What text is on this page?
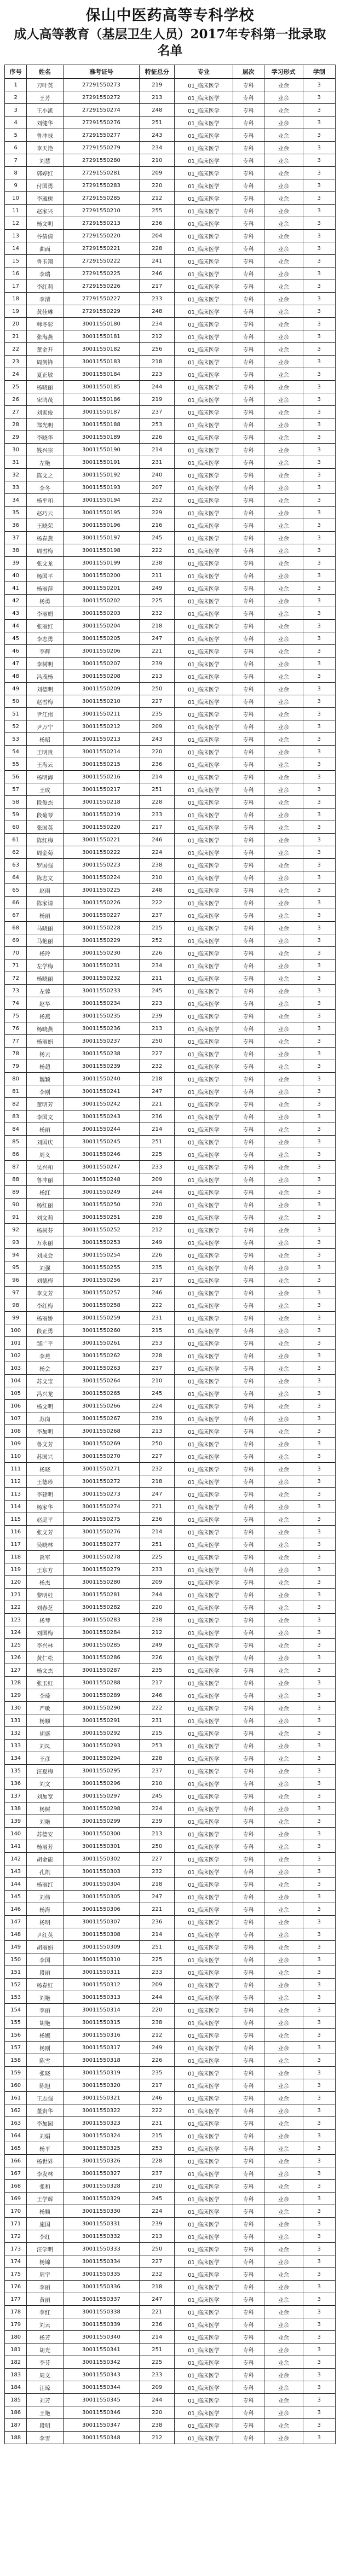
保山中医药高等专科学校
成人高等教育（基层卫生人员）2017年专科第一批录取名单
序号	姓名	准考证号	特征总分	专业	层次	学习形式	学制
1	刀叶英	27291550273	219	01_临床医学	专科	业余	3
2	王芳	27291550272	213	01_临床医学	专科	业余	3
3	王小凯	27291550274	248	01_临床医学	专科	业余	3
4	刘健华	27291550276	251	01_临床医学	专科	业余	3
5	鲁冲禄	27291550277	243	01_临床医学	专科	业余	3
6	李天艳	27291550279	234	01_临床医学	专科	业余	3
7	刘慧	27291550280	210	01_临床医学	专科	业余	3
8	郭婷红	27291550281	209	01_临床医学	专科	业余	3
9	付国勇	27291550283	220	01_临床医学	专科	业余	3
10	李雁树	27291550285	212	01_临床医学	专科	业余	3
11	赵家兴	27291550210	255	01_临床医学	专科	业余	3
12	杨文明	27291550213	236	01_临床医学	专科	业余	3
13	谷倩倩	27291550220	204	01_临床医学	专科	业余	3
14	曲面	27291550221	228	01_临床医学	专科	业余	3
15	鲁玉翔	27291550222	241	01_临床医学	专科	业余	3
16	李瑞	27291550225	246	01_临床医学	专科	业余	3
17	李红莉	27291550226	217	01_临床医学	专科	业余	3
18	李清	27291550227	233	01_临床医学	专科	业余	3
19	黄佳琳	27291550229	248	01_临床医学	专科	业余	3
20	韩冬彩	30011550180	234	01_临床医学	专科	业余	3
21	张海燕	30011550181	212	01_临床医学	专科	业余	3
22	董金开	30011550182	256	01_临床医学	专科	业余	3
23	周剑锋	30011550183	218	01_临床医学	专科	业余	3
24	夏正敏	30011550184	223	01_临床医学	专科	业余	3
25	杨晓丽	30011550185	244	01_临床医学	专科	业余	3
26	宋鸿茂	30011550186	219	01_临床医学	专科	业余	3
27	刘家俊	30011550187	237	01_临床医学	专科	业余	3
28	郑光明	30011550188	253	01_临床医学	专科	业余	3
29	李晓华	30011550189	226	01_临床医学	专科	业余	3
30	钱兴宗	30011550190	214	01_临床医学	专科	业余	3
31	左艳	30011550191	231	01_临床医学	专科	业余	3
32	陈文之	30011550192	240	01_临床医学	专科	业余	3
33	李冬	30011550193	207	01_临床医学	专科	业余	3
34	杨平和	30011550194	252	01_临床医学	专科	业余	3
35	赵巧云	30011550195	229	01_临床医学	专科	业余	3
36	王晓荣	30011550196	216	01_临床医学	专科	业余	3
37	杨春燕	30011550197	245	01_临床医学	专科	业余	3
38	周雪梅	30011550198	222	01_临床医学	专科	业余	3
39	张文龙	30011550199	238	01_临床医学	专科	业余	3
40	杨国平	30011550200	211	01_临床医学	专科	业余	3
41	杨丽萍	30011550201	249	01_临床医学	专科	业余	3
42	杨勇	30011550202	225	01_临床医学	专科	业余	3
43	李丽娟	30011550203	232	01_临床医学	专科	业余	3
44	张丽红	30011550204	218	01_临床医学	专科	业余	3
45	李志勇	30011550205	247	01_临床医学	专科	业余	3
46	李辉	30011550206	221	01_临床医学	专科	业余	3
47	李树明	30011550207	239	01_临床医学	专科	业余	3
48	冯茂杨	30011550208	213	01_临床医学	专科	业余	3
49	刘德明	30011550209	250	01_临床医学	专科	业余	3
50	赵雪梅	30011550210	227	01_临床医学	专科	业余	3
51	尹江伟	30011550211	235	01_临床医学	专科	业余	3
52	尹万宁	30011550212	209	01_临床医学	专科	业余	3
53	杨昭	30011550213	243	01_临床医学	专科	业余	3
54	王明贵	30011550214	220	01_临床医学	专科	业余	3
55	王海云	30011550215	236	01_临床医学	专科	业余	3
56	杨明海	30011550216	214	01_临床医学	专科	业余	3
57	王成	30011550217	251	01_临床医学	专科	业余	3
58	段俊杰	30011550218	228	01_临床医学	专科	业余	3
59	段菊琴	30011550219	233	01_临床医学	专科	业余	3
60	张国英	30011550220	217	01_临床医学	专科	业余	3
61	陈红梅	30011550221	246	01_临床医学	专科	业余	3
62	周金菊	30011550222	224	01_临床医学	专科	业余	3
63	罗国强	30011550223	238	01_临床医学	专科	业余	3
64	陈志文	30011550224	210	01_临床医学	专科	业余	3
65	赵雨	30011550225	248	01_临床医学	专科	业余	3
66	陈家请	30011550226	222	01_临床医学	专科	业余	3
67	杨丽	30011550227	237	01_临床医学	专科	业余	3
68	马晓丽	30011550228	215	01_临床医学	专科	业余	3
69	马艳丽	30011550229	252	01_临床医学	专科	业余	3
70	杨玲	30011550230	226	01_临床医学	专科	业余	3
71	左学梅	30011550231	234	01_临床医学	专科	业余	3
72	杨晓丽	30011550232	211	01_临床医学	专科	业余	3
73	左蓉	30011550233	245	01_临床医学	专科	业余	3
74	赵华	30011550234	223	01_临床医学	专科	业余	3
75	杨燕	30011550235	239	01_临床医学	专科	业余	3
76	杨晓燕	30011550236	213	01_临床医学	专科	业余	3
77	杨丽娟	30011550237	250	01_临床医学	专科	业余	3
78	杨云	30011550238	227	01_临床医学	专科	业余	3
79	杨超	30011550239	232	01_临床医学	专科	业余	3
80	魏颖	30011550240	218	01_临床医学	专科	业余	3
81	李刚	30011550241	247	01_临床医学	专科	业余	3
82	董明芳	30011550242	221	01_临床医学	专科	业余	3
83	李国文	30011550243	236	01_临床医学	专科	业余	3
84	杨丽	30011550244	214	01_临床医学	专科	业余	3
85	刘国庆	30011550245	251	01_临床医学	专科	业余	3
86	周义	30011550246	225	01_临床医学	专科	业余	3
87	吴兴和	30011550247	233	01_临床医学	专科	业余	3
88	鲁冲丽	30011550248	209	01_临床医学	专科	业余	3
89	杨红	30011550249	244	01_临床医学	专科	业余	3
90	杨红丽	30011550250	220	01_临床医学	专科	业余	3
91	刘文莉	30011550251	238	01_临床医学	专科	业余	3
92	杨树芬	30011550252	212	01_临床医学	专科	业余	3
93	万永丽	30011550253	249	01_临床医学	专科	业余	3
94	刘成会	30011550254	226	01_临床医学	专科	业余	3
95	刘强	30011550255	235	01_临床医学	专科	业余	3
96	刘德梅	30011550256	217	01_临床医学	专科	业余	3
97	李文芳	30011550257	246	01_临床医学	专科	业余	3
98	李红梅	30011550258	222	01_临床医学	专科	业余	3
99	杨丽娇	30011550259	231	01_临床医学	专科	业余	3
100	段正勇	30011550260	215	01_临床医学	专科	业余	3
101	邹广平	30011550261	253	01_临床医学	专科	业余	3
102	李燕	30011550262	228	01_临床医学	专科	业余	3
103	杨会	30011550263	237	01_临床医学	专科	业余	3
104	苏文宝	30011550264	210	01_临床医学	专科	业余	3
105	冯兴龙	30011550265	245	01_临床医学	专科	业余	3
106	杨文明	30011550266	224	01_临床医学	专科	业余	3
107	苏岗	30011550267	239	01_临床医学	专科	业余	3
108	李加明	30011550268	213	01_临床医学	专科	业余	3
109	鲁文芳	30011550269	250	01_临床医学	专科	业余	3
110	苏国兴	30011550270	227	01_临床医学	专科	业余	3
111	杨晓	30011550271	232	01_临床医学	专科	业余	3
112	王德珍	30011550272	218	01_临床医学	专科	业余	3
113	李建明	30011550273	247	01_临床医学	专科	业余	3
114	杨家华	30011550274	221	01_临床医学	专科	业余	3
115	赵庭平	30011550275	236	01_临床医学	专科	业余	3
116	张文芳	30011550276	214	01_临床医学	专科	业余	3
117	吴晓林	30011550277	251	01_临床医学	专科	业余	3
118	禹军	30011550278	225	01_临床医学	专科	业余	3
119	王东方	30011550279	233	01_临床医学	专科	业余	3
120	杨杰	30011550280	209	01_临床医学	专科	业余	3
121	黎明桂	30011550281	244	01_临床医学	专科	业余	3
122	刘春芝	30011550282	220	01_临床医学	专科	业余	3
123	杨琴	30011550283	238	01_临床医学	专科	业余	3
124	刘国梅	30011550284	212	01_临床医学	专科	业余	3
125	李兴林	30011550285	249	01_临床医学	专科	业余	3
126	黄仁松	30011550286	226	01_临床医学	专科	业余	3
127	杨文杰	30011550287	235	01_临床医学	专科	业余	3
128	张玉红	30011550288	217	01_临床医学	专科	业余	3
129	李琦	30011550289	246	01_临床医学	专科	业余	3
130	严敏	30011550290	222	01_临床医学	专科	业余	3
131	杨顺	30011550291	231	01_临床医学	专科	业余	3
132	胡盛	30011550292	215	01_临床医学	专科	业余	3
133	刘凤	30011550293	253	01_临床医学	专科	业余	3
134	王彦	30011550294	228	01_临床医学	专科	业余	3
135	汪夏梅	30011550295	237	01_临床医学	专科	业余	3
136	刘文	30011550296	210	01_临床医学	专科	业余	3
137	刘加宽	30011550297	245	01_临床医学	专科	业余	3
138	杨树	30011550298	224	01_临床医学	专科	业余	3
139	刘艳	30011550299	239	01_临床医学	专科	业余	3
140	苏德安	30011550300	213	01_临床医学	专科	业余	3
141	杨丽芳	30011550301	250	01_临床医学	专科	业余	3
142	胡金能	30011550302	227	01_临床医学	专科	业余	3
143	孔凯	30011550303	232	01_临床医学	专科	业余	3
144	杨丽红	30011550304	218	01_临床医学	专科	业余	3
145	刘伟	30011550305	247	01_临床医学	专科	业余	3
146	杨海	30011550306	221	01_临床医学	专科	业余	3
147	杨明	30011550307	236	01_临床医学	专科	业余	3
148	尹红英	30011550308	214	01_临床医学	专科	业余	3
149	胡丽娟	30011550309	251	01_临床医学	专科	业余	3
150	李国	30011550310	225	01_临床医学	专科	业余	3
151	段丽	30011550311	233	01_临床医学	专科	业余	3
152	杨春红	30011550312	209	01_临床医学	专科	业余	3
153	刘艳	30011550313	244	01_临床医学	专科	业余	3
154	李丽	30011550314	220	01_临床医学	专科	业余	3
155	胡艳	30011550315	238	01_临床医学	专科	业余	3
156	杨娜	30011550316	212	01_临床医学	专科	业余	3
157	杨刚	30011550317	249	01_临床医学	专科	业余	3
158	陈雪	30011550318	226	01_临床医学	专科	业余	3
159	张晓	30011550319	235	01_临床医学	专科	业余	3
160	陈旭	30011550320	217	01_临床医学	专科	业余	3
161	王志强	30011550321	246	01_临床医学	专科	业余	3
162	董贵华	30011550322	222	01_临床医学	专科	业余	3
163	李加园	30011550323	231	01_临床医学	专科	业余	3
164	刘娟	30011550324	215	01_临床医学	专科	业余	3
165	杨平	30011550325	253	01_临床医学	专科	业余	3
166	杨世界	30011550326	228	01_临床医学	专科	业余	3
167	李发林	30011550327	237	01_临床医学	专科	业余	3
168	张和	30011550328	210	01_临床医学	专科	业余	3
169	王学辉	30011550329	245	01_临床医学	专科	业余	3
170	杨顺	30011550330	224	01_临床医学	专科	业余	3
171	施国	30011550331	239	01_临床医学	专科	业余	3
172	李红	30011550332	213	01_临床医学	专科	业余	3
173	汪学明	30011550333	250	01_临床医学	专科	业余	3
174	杨锦	30011550334	227	01_临床医学	专科	业余	3
175	周宇	30011550335	232	01_临床医学	专科	业余	3
176	李丽	30011550336	218	01_临床医学	专科	业余	3
177	黄丽	30011550337	247	01_临床医学	专科	业余	3
178	李红	30011550338	221	01_临床医学	专科	业余	3
179	刘云	30011550339	236	01_临床医学	专科	业余	3
180	杨芳	30011550340	214	01_临床医学	专科	业余	3
181	胡光	30011550341	251	01_临床医学	专科	业余	3
182	李芬	30011550342	225	01_临床医学	专科	业余	3
183	周文	30011550343	233	01_临床医学	专科	业余	3
184	汪琼	30011550344	209	01_临床医学	专科	业余	3
185	刘芳	30011550345	244	01_临床医学	专科	业余	3
186	王艳	30011550346	220	01_临床医学	专科	业余	3
187	段明	30011550347	238	01_临床医学	专科	业余	3
188	李雪	30011550348	212	01_临床医学	专科	业余	3
